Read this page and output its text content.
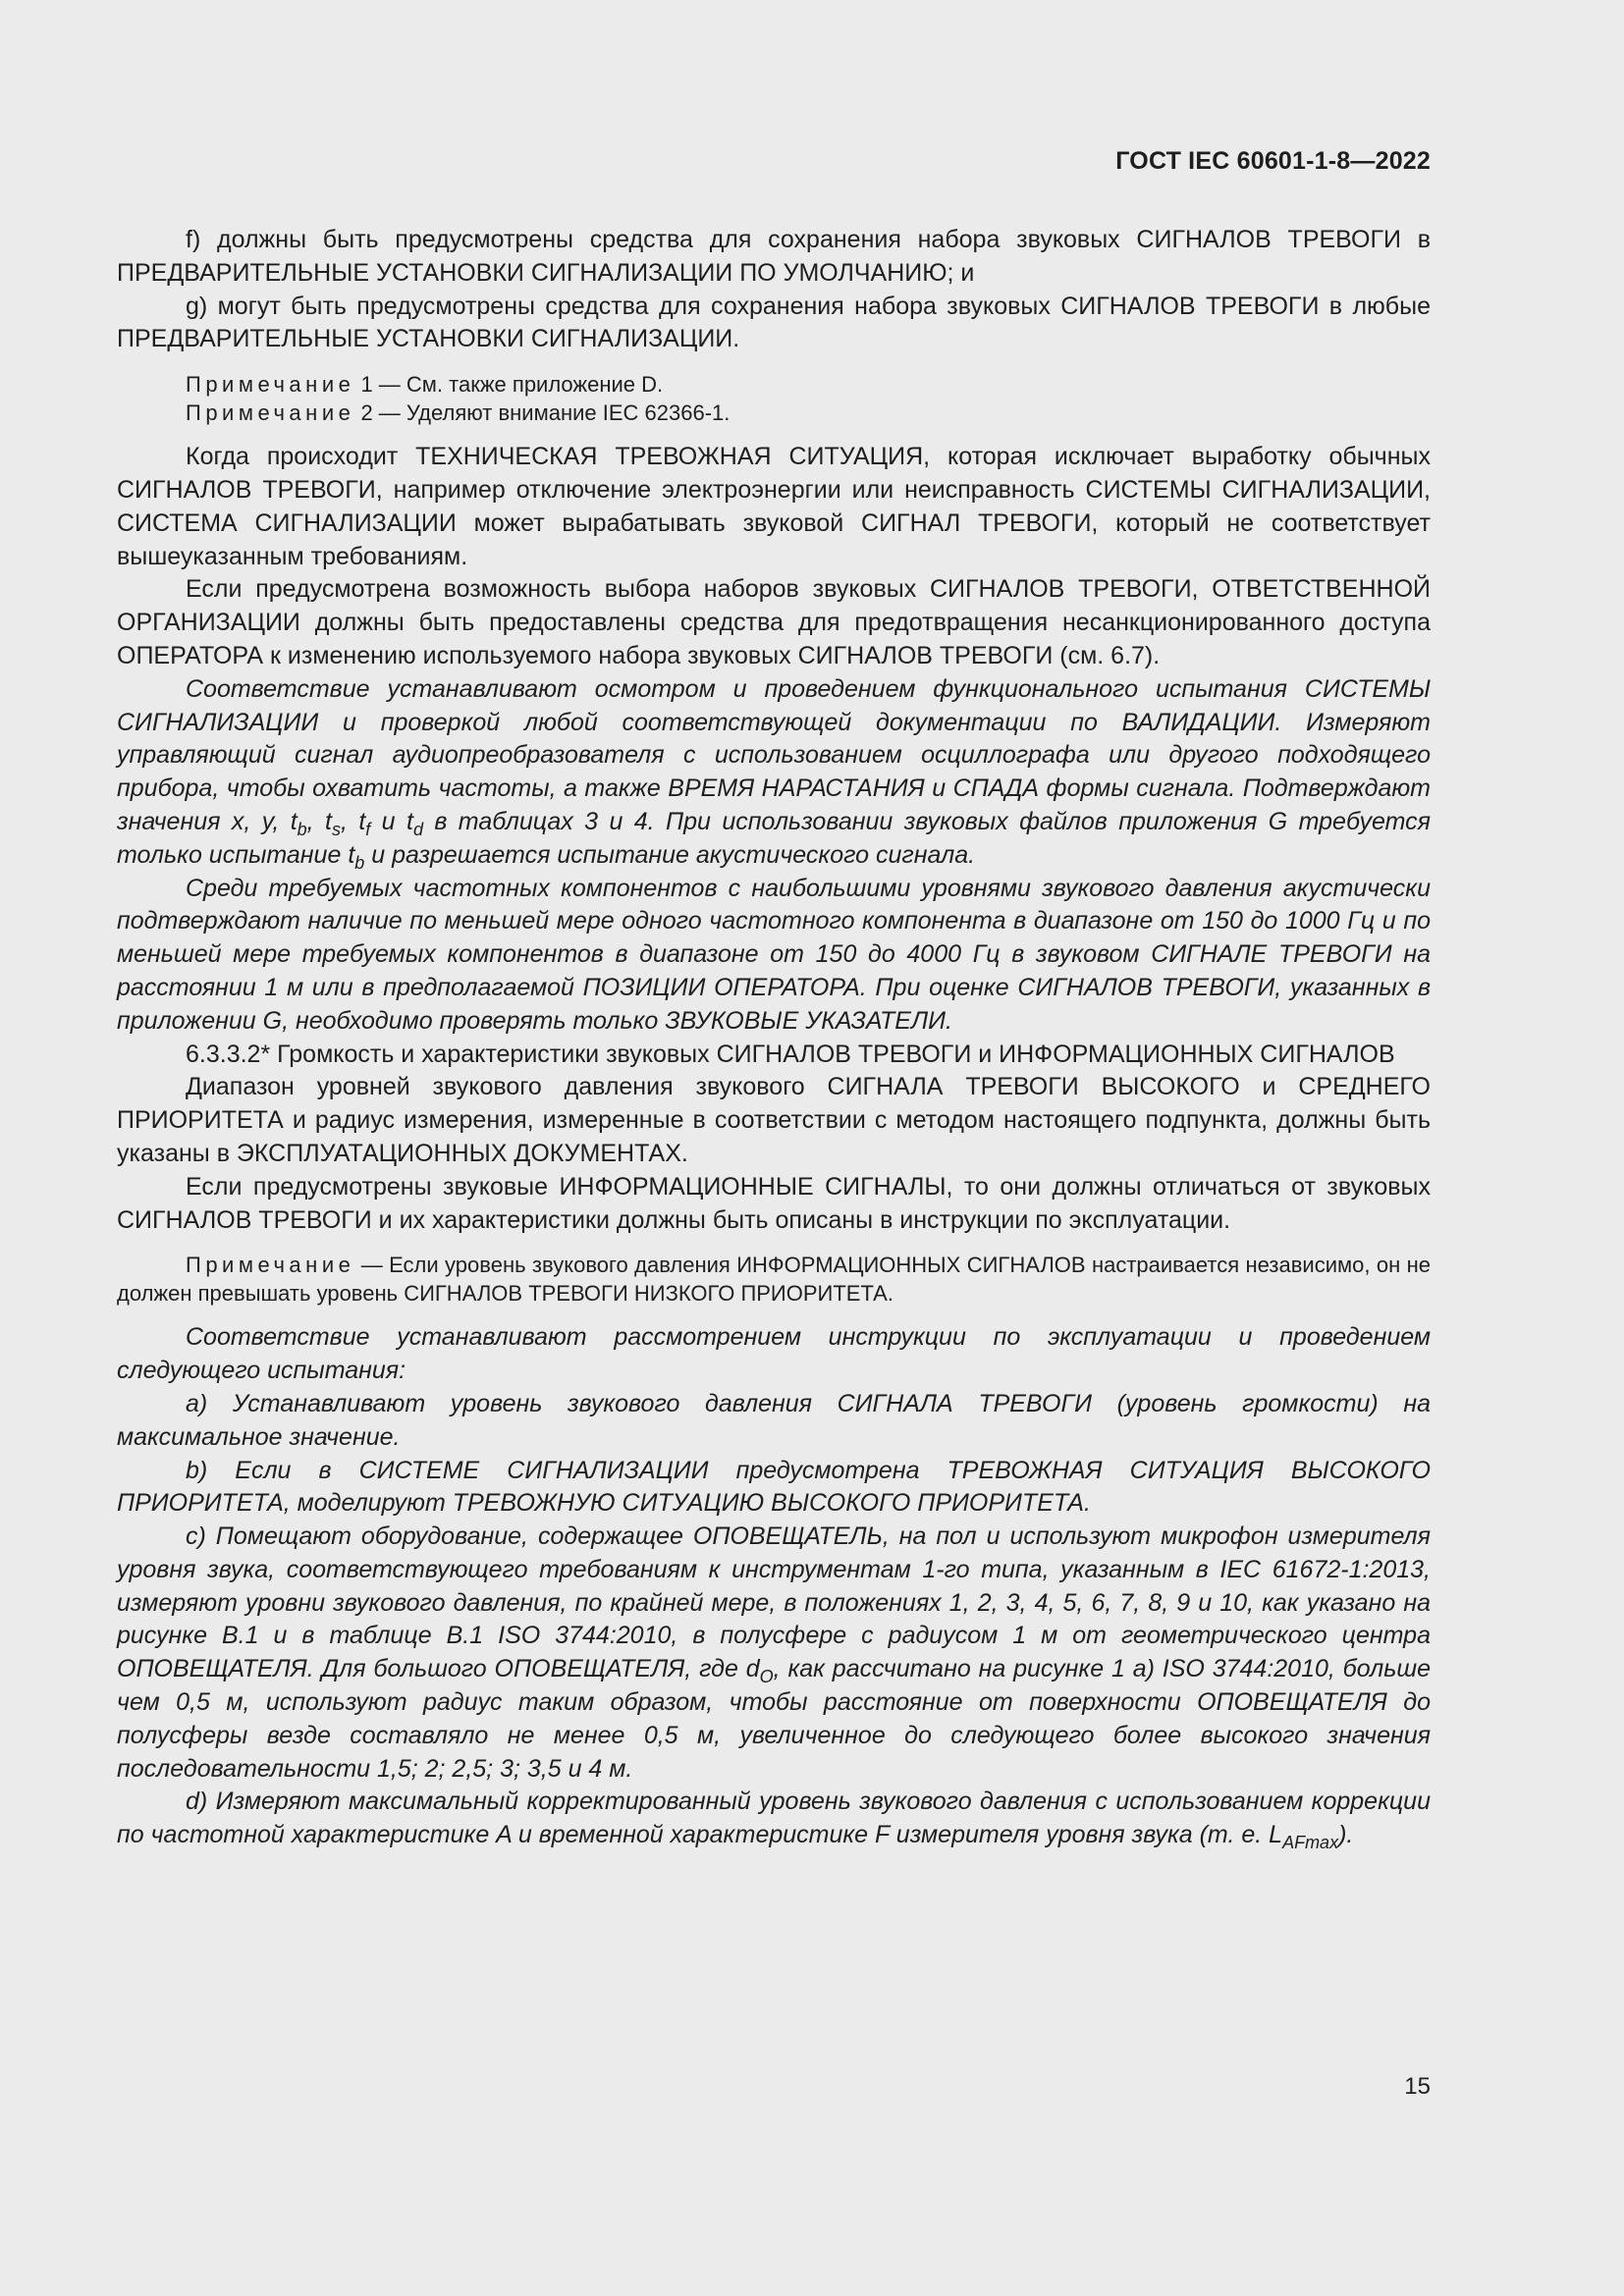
ГОСТ IEC 60601-1-8—2022

f) должны быть предусмотрены средства для сохранения набора звуковых СИГНАЛОВ ТРЕВОГИ в ПРЕДВАРИТЕЛЬНЫЕ УСТАНОВКИ СИГНАЛИЗАЦИИ ПО УМОЛЧАНИЮ; и

g) могут быть предусмотрены средства для сохранения набора звуковых СИГНАЛОВ ТРЕВОГИ в любые ПРЕДВАРИТЕЛЬНЫЕ УСТАНОВКИ СИГНАЛИЗАЦИИ.

Примечание 1 — См. также приложение D.

Примечание 2 — Уделяют внимание IEC 62366-1.

Когда происходит ТЕХНИЧЕСКАЯ ТРЕВОЖНАЯ СИТУАЦИЯ, которая исключает выработку обычных СИГНАЛОВ ТРЕВОГИ, например отключение электроэнергии или неисправность СИСТЕМЫ СИГНАЛИЗАЦИИ, СИСТЕМА СИГНАЛИЗАЦИИ может вырабатывать звуковой СИГНАЛ ТРЕВОГИ, который не соответствует вышеуказанным требованиям.

Если предусмотрена возможность выбора наборов звуковых СИГНАЛОВ ТРЕВОГИ, ОТВЕТСТВЕННОЙ ОРГАНИЗАЦИИ должны быть предоставлены средства для предотвращения несанкционированного доступа ОПЕРАТОРА к изменению используемого набора звуковых СИГНАЛОВ ТРЕВОГИ (см. 6.7).

Соответствие устанавливают осмотром и проведением функционального испытания СИСТЕМЫ СИГНАЛИЗАЦИИ и проверкой любой соответствующей документации по ВАЛИДАЦИИ. Измеряют управляющий сигнал аудиопреобразователя с использованием осциллографа или другого подходящего прибора, чтобы охватить частоты, а также ВРЕМЯ НАРАСТАНИЯ и СПАДА формы сигнала. Подтверждают значения x, y, $t_b$, $t_s$, $t_f$ и $t_d$ в таблицах 3 и 4. При использовании звуковых файлов приложения G требуется только испытание $t_b$ и разрешается испытание акустического сигнала.

Среди требуемых частотных компонентов с наибольшими уровнями звукового давления акустически подтверждают наличие по меньшей мере одного частотного компонента в диапазоне от 150 до 1000 Гц и по меньшей мере требуемых компонентов в диапазоне от 150 до 4000 Гц в звуковом СИГНАЛЕ ТРЕВОГИ на расстоянии 1 м или в предполагаемой ПОЗИЦИИ ОПЕРАТОРА. При оценке СИГНАЛОВ ТРЕВОГИ, указанных в приложении G, необходимо проверять только ЗВУКОВЫЕ УКАЗАТЕЛИ.

6.3.3.2* Громкость и характеристики звуковых СИГНАЛОВ ТРЕВОГИ и ИНФОРМАЦИОННЫХ СИГНАЛОВ

Диапазон уровней звукового давления звукового СИГНАЛА ТРЕВОГИ ВЫСОКОГО и СРЕДНЕГО ПРИОРИТЕТА и радиус измерения, измеренные в соответствии с методом настоящего подпункта, должны быть указаны в ЭКСПЛУАТАЦИОННЫХ ДОКУМЕНТАХ.

Если предусмотрены звуковые ИНФОРМАЦИОННЫЕ СИГНАЛЫ, то они должны отличаться от звуковых СИГНАЛОВ ТРЕВОГИ и их характеристики должны быть описаны в инструкции по эксплуатации.

Примечание — Если уровень звукового давления ИНФОРМАЦИОННЫХ СИГНАЛОВ настраивается независимо, он не должен превышать уровень СИГНАЛОВ ТРЕВОГИ НИЗКОГО ПРИОРИТЕТА.

Соответствие устанавливают рассмотрением инструкции по эксплуатации и проведением следующего испытания:

a) Устанавливают уровень звукового давления СИГНАЛА ТРЕВОГИ (уровень громкости) на максимальное значение.

b) Если в СИСТЕМЕ СИГНАЛИЗАЦИИ предусмотрена ТРЕВОЖНАЯ СИТУАЦИЯ ВЫСОКОГО ПРИОРИТЕТА, моделируют ТРЕВОЖНУЮ СИТУАЦИЮ ВЫСОКОГО ПРИОРИТЕТА.

c) Помещают оборудование, содержащее ОПОВЕЩАТЕЛЬ, на пол и используют микрофон измерителя уровня звука, соответствующего требованиям к инструментам 1-го типа, указанным в IEC 61672-1:2013, измеряют уровни звукового давления, по крайней мере, в положениях 1, 2, 3, 4, 5, 6, 7, 8, 9 и 10, как указано на рисунке B.1 и в таблице B.1 ISO 3744:2010, в полусфере с радиусом 1 м от геометрического центра ОПОВЕЩАТЕЛЯ. Для большого ОПОВЕЩАТЕЛЯ, где $d_O$, как рассчитано на рисунке 1 а) ISO 3744:2010, больше чем 0,5 м, используют радиус таким образом, чтобы расстояние от поверхности ОПОВЕЩАТЕЛЯ до полусферы везде составляло не менее 0,5 м, увеличенное до следующего более высокого значения последовательности 1,5; 2; 2,5; 3; 3,5 и 4 м.

d) Измеряют максимальный корректированный уровень звукового давления с использованием коррекции по частотной характеристике A и временной характеристике F измерителя уровня звука (т. е. $L_{AFmax}$).

15
